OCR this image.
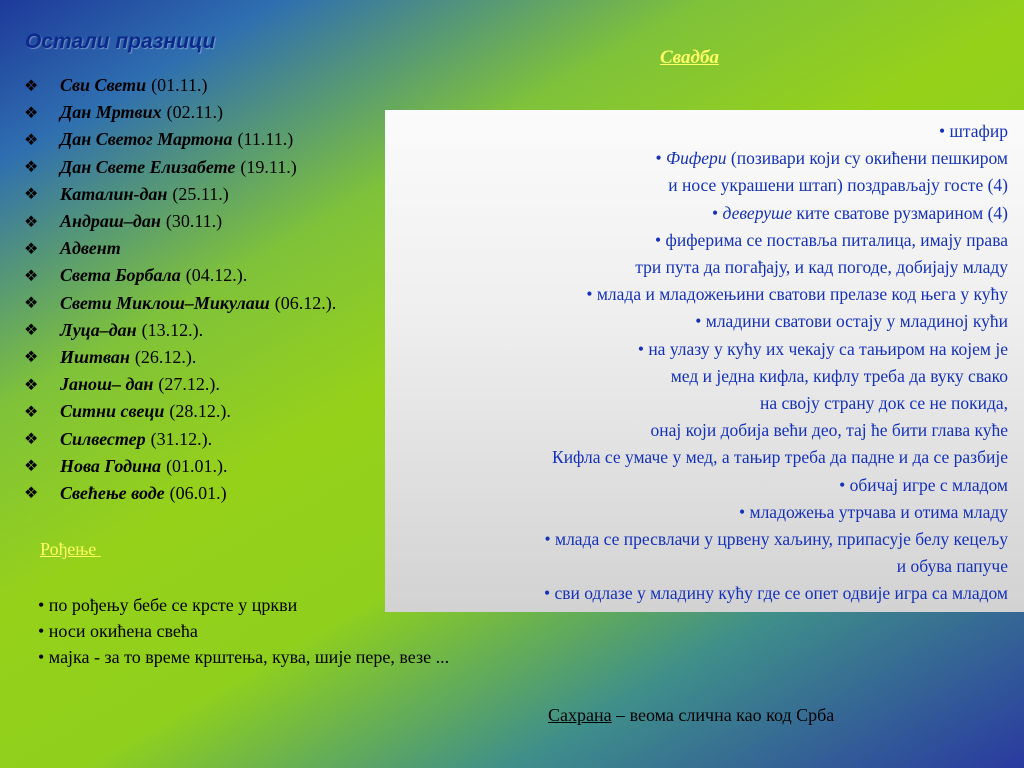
Остали празници
❖	Сви Свети (01.11.)
❖	Дан Мртвих (02.11.)
❖	Дан Светог Мартона (11.11.)
❖	Дан Свете Елизабете (19.11.)
❖	Каталин-дан (25.11.)
❖	Андраш–дан (30.11.)
❖	Адвент
❖	Света Борбала (04.12.).
❖	Свети Миклош–Микулаш (06.12.).
❖	Луца–дан (13.12.).
❖	Иштван (26.12.).
❖	Јанош– дан (27.12.).
❖	Ситни свеци (28.12.).
❖	Силвестер (31.12.).
❖	Нова Година (01.01.).
❖	Свећење воде (06.01.)
Свадба
• штафир
• Фифери (позивари који су окићени пешкиром
и носе украшени штап) поздрављају госте (4)
• деверуше ките сватове рузмарином (4)
• фиферима се поставља питалица, имају права
три пута да погађају, и кад погоде, добијају младу
• млада и младожењини сватови прелазе код њега у кућу
• младини сватови остају у младиној кући
• на улазу у кућу их чекају са тањиром на којем је
мед и једна кифла, кифлу треба да вуку свако
на своју страну док се не покида,
онај који добија већи део, тај ће бити глава куће
Кифла се умаче у мед, а тањир треба да падне и да се разбије
• обичај игре с младом
• младожења утрчава и отима младу
• млада се пресвлачи у црвену хаљину, припасује белу кецељу
и обува папуче
• сви одлазе у младину кућу где се опет одвије игра са младом
Рођење
• по рођењу бебе се крсте у цркви
• носи окићена свећа
• мајка - за то време крштења, кува, шије пере, везе ...
Сахрана – веома слична као код Срба
